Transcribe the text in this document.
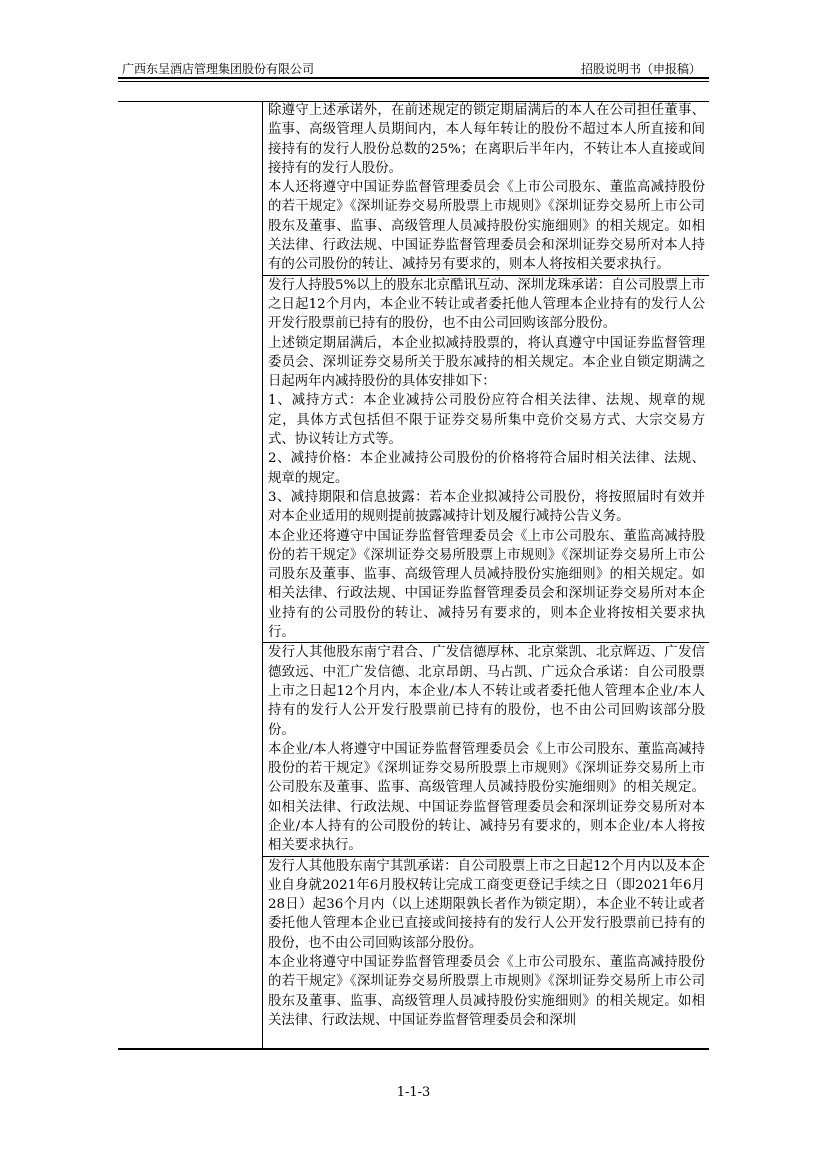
广西东呈酒店管理集团股份有限公司	招股说明书（申报稿）

除遵守上述承诺外，在前述规定的锁定期届满后的本人在公司担任董事、监事、高级管理人员期间内，本人每年转让的股份不超过本人所直接和间接持有的发行人股份总数的25%；在离职后半年内，不转让本人直接或间接持有的发行人股份。

本人还将遵守中国证券监督管理委员会《上市公司股东、董监高减持股份的若干规定》《深圳证券交易所股票上市规则》《深圳证券交易所上市公司股东及董事、监事、高级管理人员减持股份实施细则》的相关规定。如相关法律、行政法规、中国证券监督管理委员会和深圳证券交易所对本人持有的公司股份的转让、减持另有要求的，则本人将按相关要求执行。

发行人持股5%以上的股东北京酷讯互动、深圳龙珠承诺：自公司股票上市之日起12个月内，本企业不转让或者委托他人管理本企业持有的发行人公开发行股票前已持有的股份，也不由公司回购该部分股份。

上述锁定期届满后，本企业拟减持股票的，将认真遵守中国证券监督管理委员会、深圳证券交易所关于股东减持的相关规定。本企业自锁定期满之日起两年内减持股份的具体安排如下：

1、减持方式：本企业减持公司股份应符合相关法律、法规、规章的规定，具体方式包括但不限于证券交易所集中竞价交易方式、大宗交易方式、协议转让方式等。

2、减持价格：本企业减持公司股份的价格将符合届时相关法律、法规、规章的规定。

3、减持期限和信息披露：若本企业拟减持公司股份，将按照届时有效并对本企业适用的规则提前披露减持计划及履行减持公告义务。

本企业还将遵守中国证券监督管理委员会《上市公司股东、董监高减持股份的若干规定》《深圳证券交易所股票上市规则》《深圳证券交易所上市公司股东及董事、监事、高级管理人员减持股份实施细则》的相关规定。如相关法律、行政法规、中国证券监督管理委员会和深圳证券交易所对本企业持有的公司股份的转让、减持另有要求的，则本企业将按相关要求执行。

发行人其他股东南宁君合、广发信德厚林、北京棠凯、北京辉迈、广发信德致远、中汇广发信德、北京昂朗、马占凯、广远众合承诺：自公司股票上市之日起12个月内，本企业/本人不转让或者委托他人管理本企业/本人持有的发行人公开发行股票前已持有的股份，也不由公司回购该部分股份。

本企业/本人将遵守中国证券监督管理委员会《上市公司股东、董监高减持股份的若干规定》《深圳证券交易所股票上市规则》《深圳证券交易所上市公司股东及董事、监事、高级管理人员减持股份实施细则》的相关规定。如相关法律、行政法规、中国证券监督管理委员会和深圳证券交易所对本企业/本人持有的公司股份的转让、减持另有要求的，则本企业/本人将按相关要求执行。

发行人其他股东南宁其凯承诺：自公司股票上市之日起12个月内以及本企业自身就2021年6月股权转让完成工商变更登记手续之日（即2021年6月28日）起36个月内（以上述期限孰长者作为锁定期），本企业不转让或者委托他人管理本企业已直接或间接持有的发行人公开发行股票前已持有的股份，也不由公司回购该部分股份。

本企业将遵守中国证券监督管理委员会《上市公司股东、董监高减持股份的若干规定》《深圳证券交易所股票上市规则》《深圳证券交易所上市公司股东及董事、监事、高级管理人员减持股份实施细则》的相关规定。如相关法律、行政法规、中国证券监督管理委员会和深圳

1-1-3
